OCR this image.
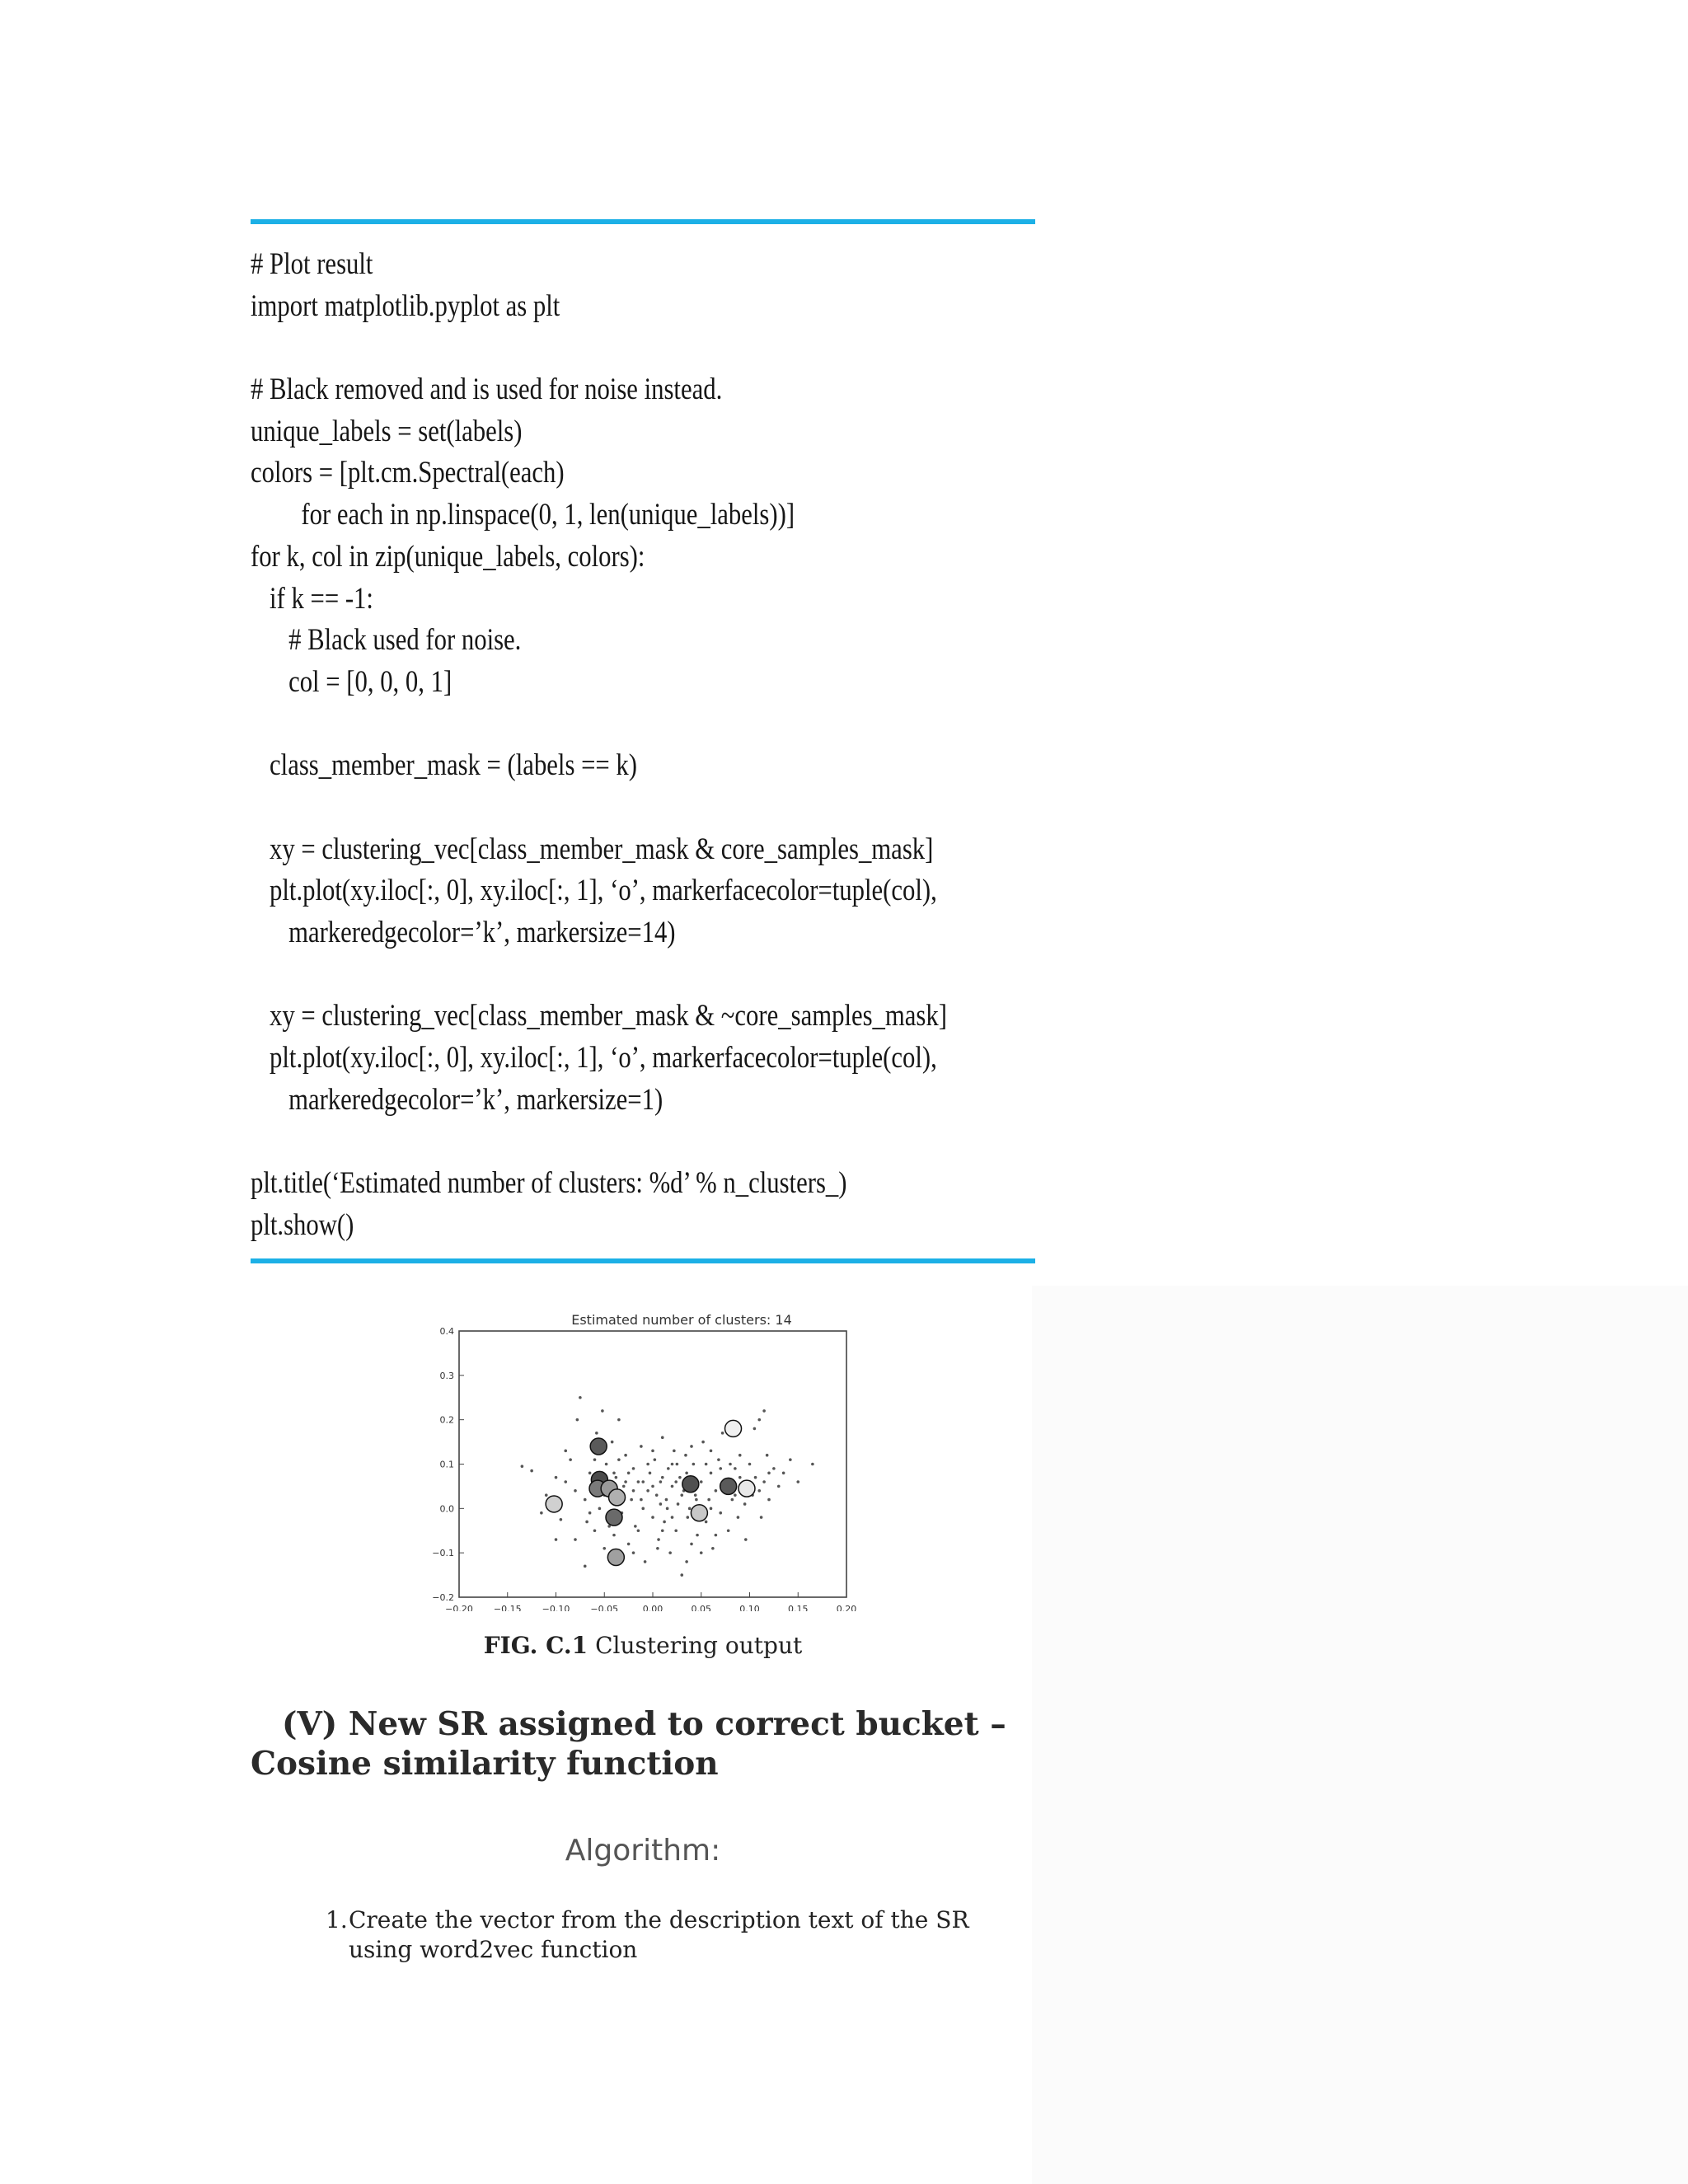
# Plot result
import matplotlib.pyplot as plt
# Black removed and is used for noise instead.
unique_labels = set(labels)
colors = [plt.cm.Spectral(each)
for each in np.linspace(0, 1, len(unique_labels))]
for k, col in zip(unique_labels, colors):
if k == -1:
# Black used for noise.
col = [0, 0, 0, 1]
class_member_mask = (labels == k)
xy = clustering_vec[class_member_mask & core_samples_mask]
plt.plot(xy.iloc[:, 0], xy.iloc[:, 1], ‘o’, markerfacecolor=tuple(col),
markeredgecolor=’k’, markersize=14)
xy = clustering_vec[class_member_mask & ~core_samples_mask]
plt.plot(xy.iloc[:, 0], xy.iloc[:, 1], ‘o’, markerfacecolor=tuple(col),
markeredgecolor=’k’, markersize=1)
plt.title(‘Estimated number of clusters: %d’ % n_clusters_)
plt.show()
Estimated number of clusters: 14
−0.20 −0.15 −0.10 −0.05	0.00	0.05	0.10	0.15	0.20
−0.2
−0.1
0.0
0.1
0.2
0.3
0.4
FIG. C.1 Clustering output
(V) New SR assigned to correct bucket – Cosine similarity function
Algorithm:
1. Create the vector from the description text of the SR using word2vec function
